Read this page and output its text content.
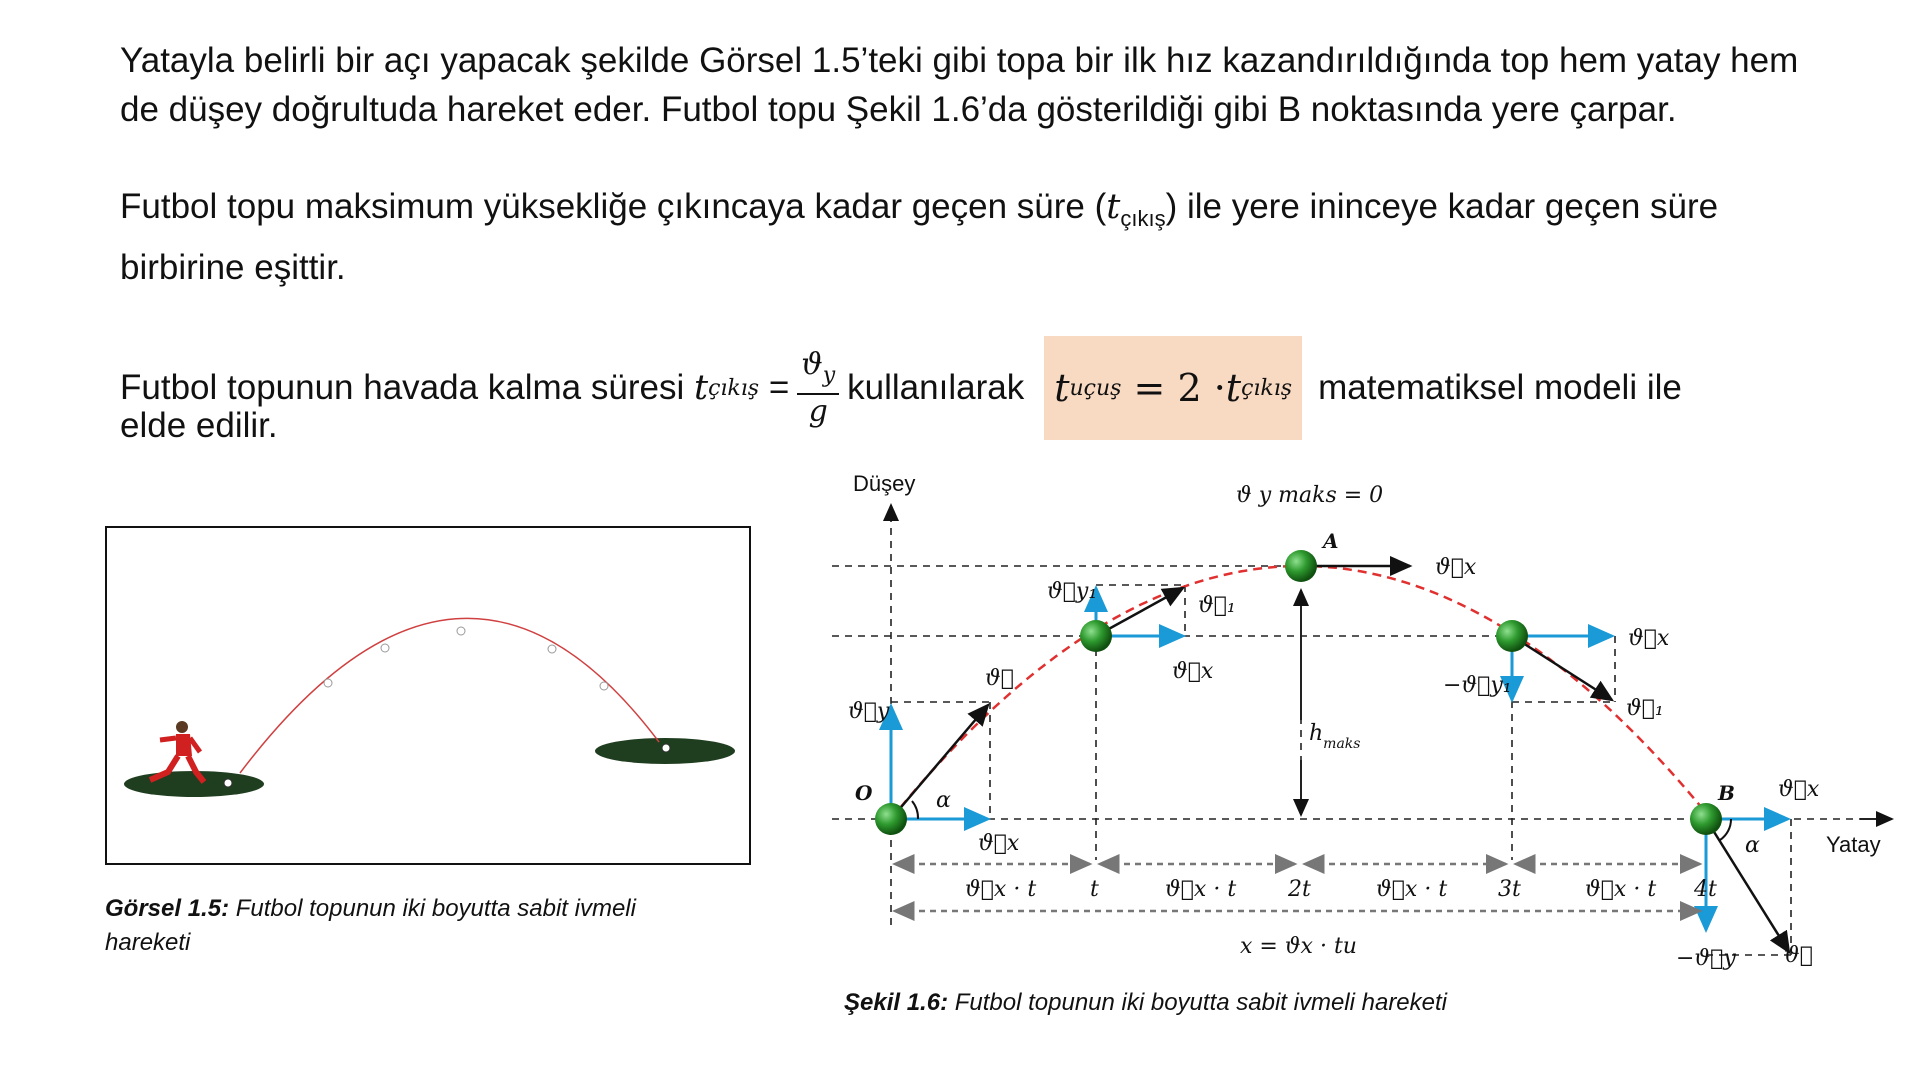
Yatayla belirli bir açı yapacak şekilde Görsel 1.5’teki gibi topa bir ilk hız kazandırıldığında top hem yatay hem de düşey doğrultuda hareket eder. Futbol topu Şekil 1.6’da gösterildiği gibi B noktasında yere çarpar.
Futbol topu maksimum yüksekliğe çıkıncaya kadar geçen süre $(t_{çıkış})$ ile yere ininceye kadar geçen süre birbirine eşittir.
Futbol topunun havada kalma süresi
t çıkış
= $\frac{ϑ_y}{g}$ kullanılarak t uçuş
= 2 · t çıkış matematiksel modeli ile
elde edilir.
Düşey
Yatay
ϑ y maks = 0
O
A
B
ϑ⃗y
ϑ⃗
α
ϑ⃗x
ϑ⃗y₁
ϑ⃗₁
ϑ⃗x
ϑ⃗x
$h_{maks}$
ϑ⃗x
−ϑ⃗y₁
ϑ⃗₁
ϑ⃗x
α
−ϑ⃗y ϑ⃗
ϑ⃗x · t t	ϑ⃗x · t 2t	ϑ⃗x · t 3t	ϑ⃗x · t 4t
x = ϑx · tu
Görsel 1.5: Futbol topunun iki boyutta sabit ivmeli hareketi
Şekil 1.6: Futbol topunun iki boyutta sabit ivmeli hareketi
